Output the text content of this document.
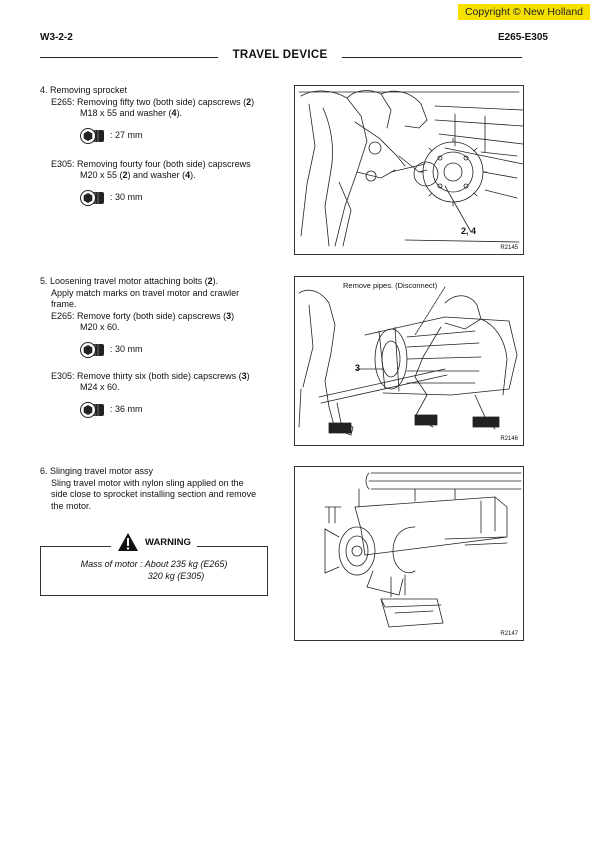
Copyright © New Holland
W3-2-2	E265-E305
TRAVEL DEVICE

4. Removing sprocket

E265: Removing fifty two (both side) capscrews (2)

M18 x 55 and washer (4).

: 27 mm

E305: Removing fourty four (both side) capscrews

M20 x 55 (2) and washer (4).

: 30 mm

5. Loosening travel motor attaching bolts (2).

Apply match marks on travel motor and crawler

frame.

E265: Remove forty (both side) capscrews (3)

M20 x 60.

: 30 mm

E305: Remove thirty six (both side) capscrews (3)

M24 x 60.

: 36 mm

6. Slinging travel motor assy

Sling travel motor with nylon sling applied on the

side close to sprocket installing section and remove

the motor.

WARNING

Mass of motor : About 235 kg (E265)

320 kg (E305)

2, 4
R2145
Remove pipes. (Disconnect)
3
R2146
R2147
